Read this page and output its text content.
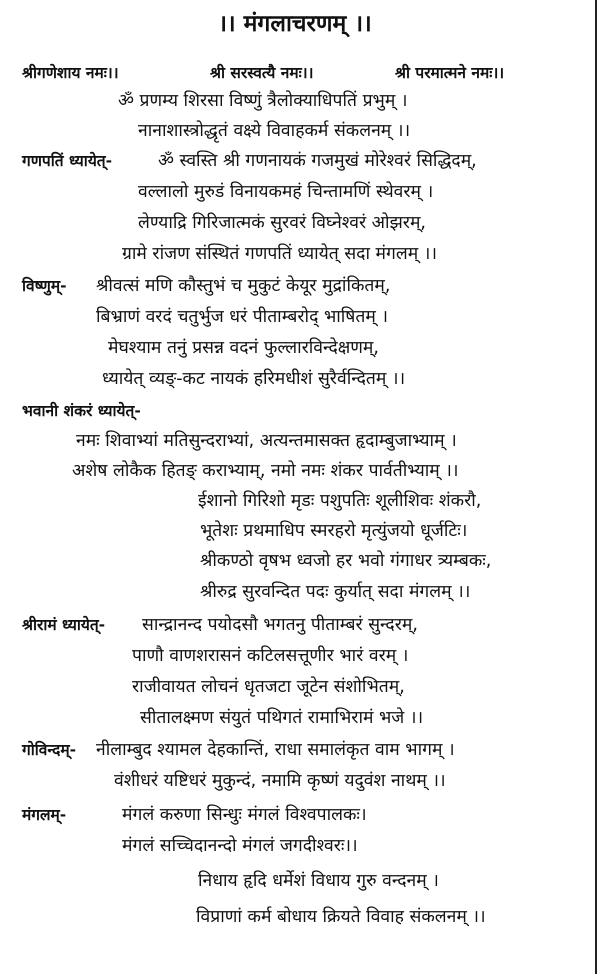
।। मंगलाचरणम् ।।
श्रीगणेशाय नमः।।	श्री सरस्वत्यै नमः।।	श्री परमात्मने नमः।।
ॐ प्रणम्य शिरसा विष्णुं त्रैलोक्याधिपतिं प्रभुम् ।
नानाशास्त्रोद्धृतं वक्ष्ये विवाहकर्म संकलनम् ।।
गणपतिं ध्यायेत्-	ॐ स्वस्ति श्री गणनायकं गजमुखं मोरेश्वरं सिद्धिदम्,
वल्लालो मुरुडं विनायकमहं चिन्तामणिं स्थेवरम् ।
लेण्याद्रि गिरिजात्मकं सुरवरं विघ्नेश्वरं ओझरम्,
ग्रामे रांजण संस्थितं गणपतिं ध्यायेत् सदा मंगलम् ।।
विष्णुम्- श्रीवत्सं मणि कौस्तुभं च मुकुटं केयूर मुद्रांकितम्,
बिभ्राणं वरदं चतुर्भुज धरं पीताम्बरोद् भाषितम् ।
मेघश्याम तनुं प्रसन्न वदनं फुल्लारविन्देक्षणम्,
ध्यायेत् व्यङ्-कट नायकं हरिमधीशं सुरैर्वन्दितम् ।।
भवानी शंकरं ध्यायेत्-
नमः शिवाभ्यां मतिसुन्दराभ्यां, अत्यन्तमासक्त हृदाम्बुजाभ्याम् ।
अशेष लोकैक हितङ् कराभ्याम्, नमो नमः शंकर पार्वतीभ्याम् ।।
ईशानो गिरिशो मृडः पशुपतिः शूलीशिवः शंकरौ,
भूतेशः प्रथमाधिप स्मरहरो मृत्युंजयो धूर्जटिः।
श्रीकण्ठो वृषभ ध्वजो हर भवो गंगाधर त्र्यम्बकः,
श्रीरुद्र सुरवन्दित पदः कुर्यात् सदा मंगलम् ।।
श्रीरामं ध्यायेत्- सान्द्रानन्द पयोदसौ भगतनु पीताम्बरं सुन्दरम्,
पाणौ वाणशरासनं कटिलसत्तूणीर भारं वरम् ।
राजीवायत लोचनं धृतजटा जूटेन संशोभितम्,
सीतालक्ष्मण संयुतं पथिगतं रामाभिरामं भजे ।।
गोविन्दम्- नीलाम्बुद श्यामल देहकान्तिं, राधा समालंकृत वाम भागम् ।
वंशीधरं यष्टिधरं मुकुन्दं, नमामि कृष्णं यदुवंश नाथम् ।।
मंगलम्-	मंगलं करुणा सिन्धुः मंगलं विश्वपालकः।
मंगलं सच्चिदानन्दो मंगलं जगदीश्वरः।।
निधाय हृदि धर्मेशं विधाय गुरु वन्दनम् ।
विप्राणां कर्म बोधाय क्रियते विवाह संकलनम् ।।
